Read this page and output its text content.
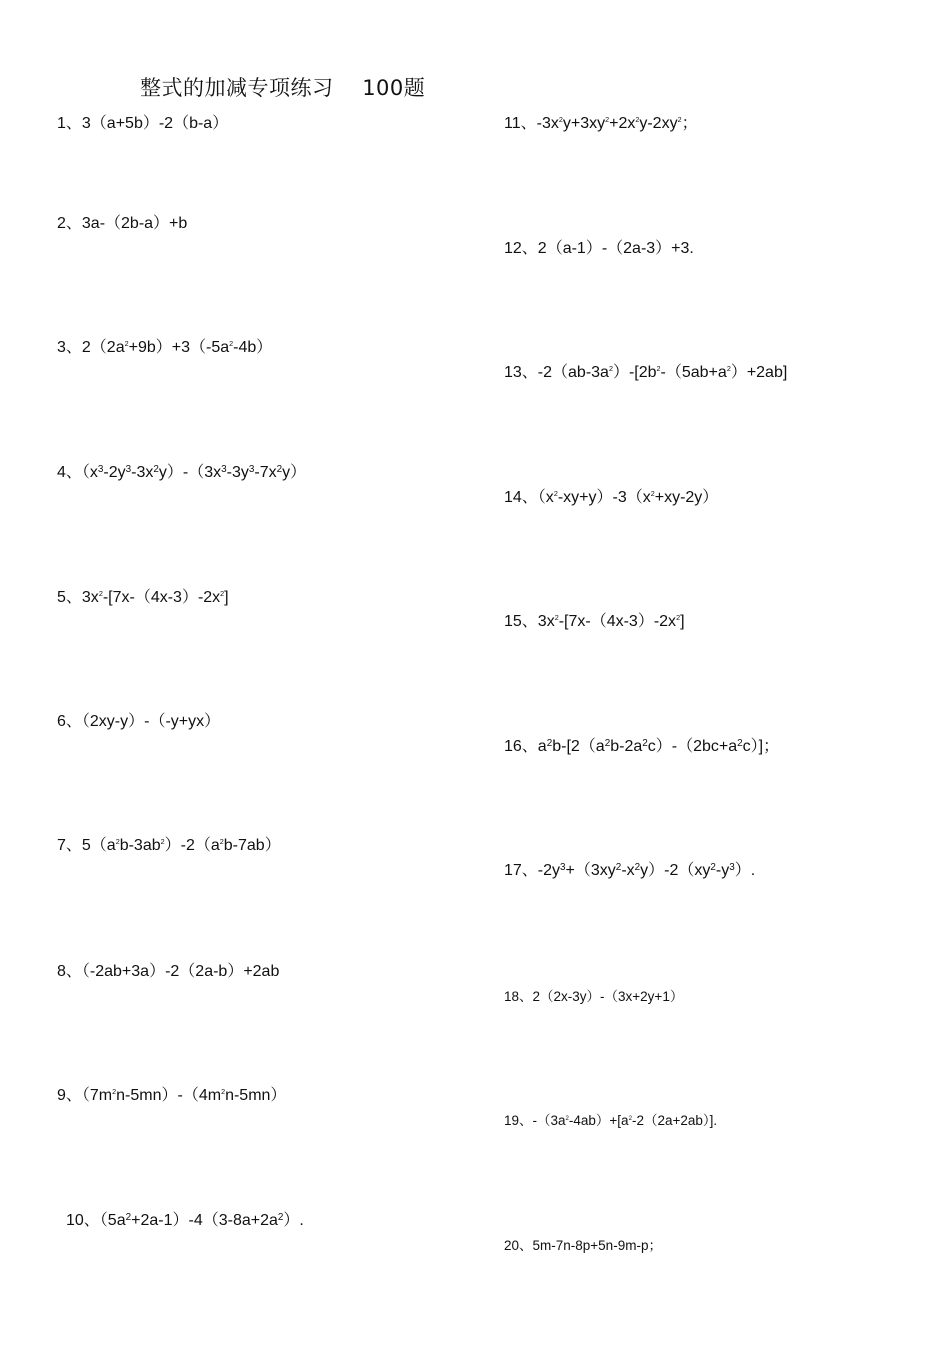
整式的加减专项练习    100题
1、3（a+5b）-2（b-a）
2、3a-（2b-a）+b
3、$2(2a^2+9b)+3(-5a^2-4b)$
4、$(x^3-2y^3-3x^2y)-(3x^3-3y^3-7x^2y)$
5、$3x^2-[7x-(4x-3)-2x^2]$
6、（2xy-y）-（-y+yx）
7、$5(a^2b-3ab^2)-2(a^2b-7ab)$
8、（-2ab+3a）-2（2a-b）+2ab
9、$(7m^2n-5mn)-(4m^2n-5mn)$
10、$(5a^2+2a-1)-4(3-8a+2a^2)$.
11、$-3x^2y+3xy^2+2x^2y-2xy^2$；
12、2（a-1）-（2a-3）+3.
13、$-2(ab-3a^2)-[2b^2-(5ab+a^2)+2ab]$
14、$(x^2-xy+y)-3(x^2+xy-2y)$
15、$3x^2-[7x-(4x-3)-2x^2]$
16、$a^2b-[2(a^2b-2a^2c)-(2bc+a^2c)]$；
17、$-2y^3+(3xy^2-x^2y)-2(xy^2-y^3)$.
18、2（2x-3y）-（3x+2y+1）
19、$-(3a^2-4ab)+[a^2-2(2a+2ab)]$.
20、5m-7n-8p+5n-9m-p；
